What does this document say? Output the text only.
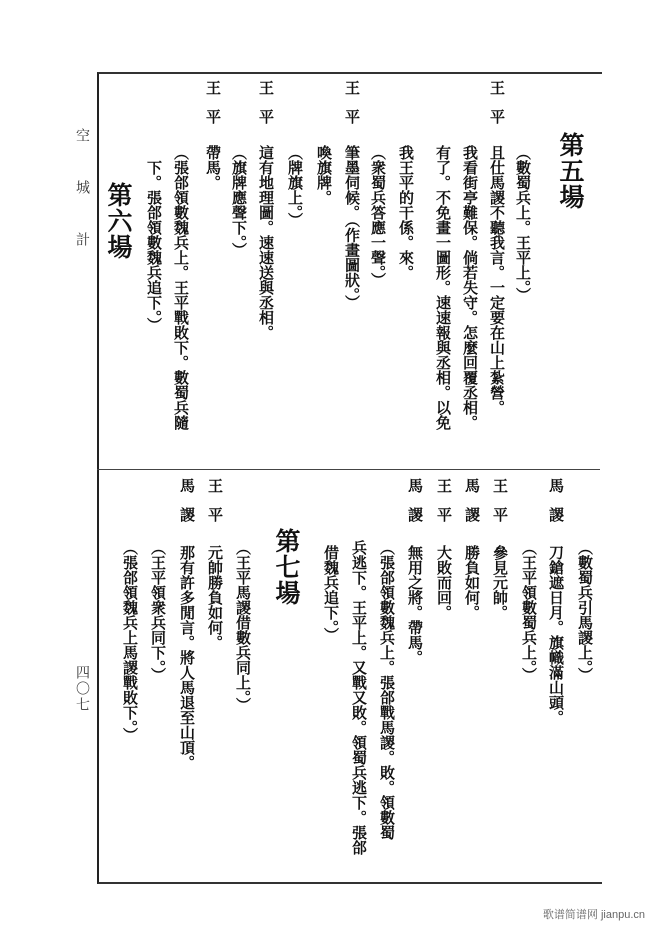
空城計
四〇七
第五場
（數蜀兵上。王平上。）
王平
且仕馬謖不聽我言。一定要在山上紮營。
我看街亭難保。倘若失守。怎麼回覆丞相。
有了。不免畫一圖形。速速報與丞相。以免
我王平的干係。來。
（衆蜀兵答應一聲。）
王平
筆墨伺候。（作畫圖狀。）
喚旗牌。
（牌旗上。）
王平
這有地理圖。速速送與丞相。
（旗牌應聲下。）
王平
帶馬。
（張郃領數魏兵上。王平戰敗下。數蜀兵隨
下。張郃領數魏兵追下。）
第六場
（數蜀兵引馬謖上。）
馬謖
刀鎗遮日月。旗幟滿山頭。
（王平領數蜀兵上。）
王平
參見元帥。
馬謖
勝負如何。
王平
大敗而回。
馬謖
無用之將。帶馬。
（張郃領數魏兵上。張郃戰馬謖。敗。領數蜀
兵逃下。王平上。又戰又敗。領蜀兵逃下。張郃
借魏兵追下。）
第七場
（王平馬謖借數兵同上。）
王平
元帥勝負如何。
馬謖
那有許多閒言。將人馬退至山頂。
（王平領衆兵同下。）
（張郃領魏兵上馬謖戰敗下。）
歌谱简谱网 jianpu.cn
